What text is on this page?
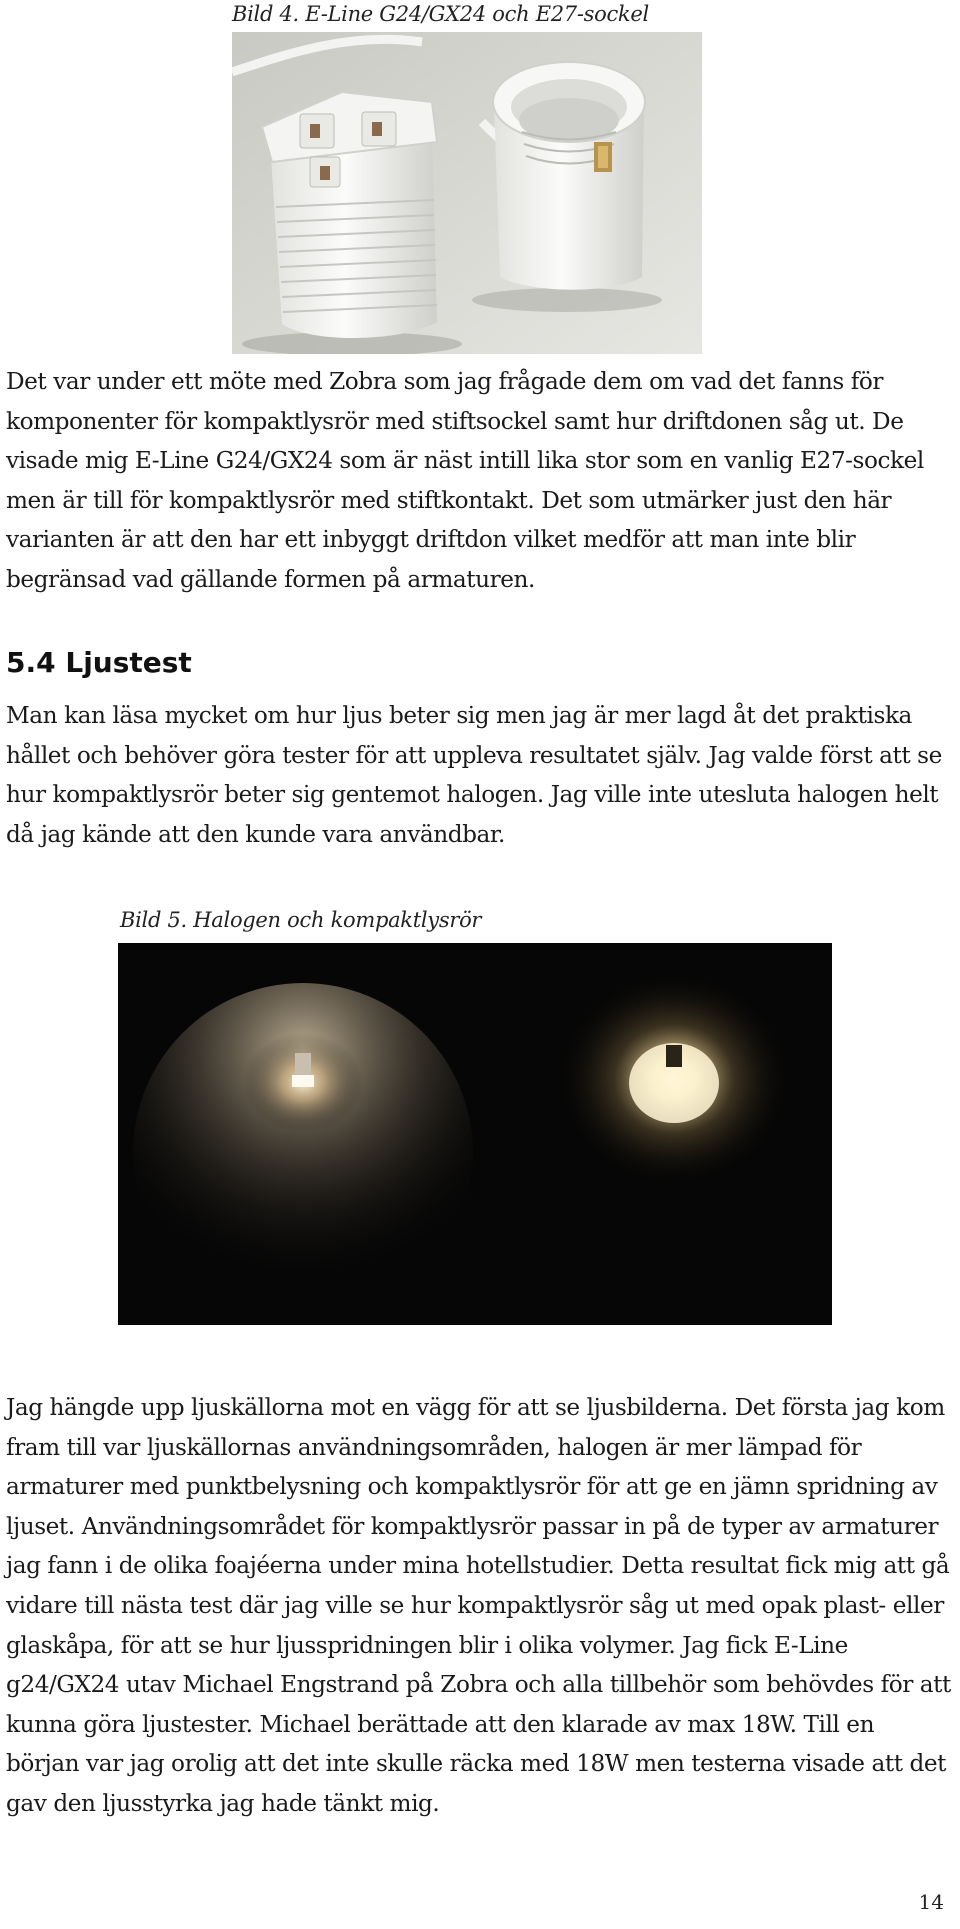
Bild 4. E-Line G24/GX24 och E27-sockel

Det var under ett möte med Zobra som jag frågade dem om vad det fanns för komponenter för kompaktlysrör med stiftsockel samt hur driftdonen såg ut. De visade mig E-Line G24/GX24 som är näst intill lika stor som en vanlig E27-sockel men är till för kompaktlysrör med stiftkontakt. Det som utmärker just den här varianten är att den har ett inbyggt driftdon vilket medför att man inte blir begränsad vad gällande formen på armaturen.

5.4 Ljustest

Man kan läsa mycket om hur ljus beter sig men jag är mer lagd åt det praktiska hållet och behöver göra tester för att uppleva resultatet själv. Jag valde först att se hur kompaktlysrör beter sig gentemot halogen. Jag ville inte utesluta halogen helt då jag kände att den kunde vara användbar.

Bild 5. Halogen och kompaktlysrör

Jag hängde upp ljuskällorna mot en vägg för att se ljusbilderna. Det första jag kom fram till var ljuskällornas användningsområden, halogen är mer lämpad för armaturer med punktbelysning och kompaktlysrör för att ge en jämn spridning av ljuset. Användningsområdet för kompaktlysrör passar in på de typer av armaturer jag fann i de olika foajéerna under mina hotellstudier. Detta resultat fick mig att gå vidare till nästa test där jag ville se hur kompaktlysrör såg ut med opak plast- eller glaskåpa, för att se hur ljusspridningen blir i olika volymer. Jag fick E-Line g24/GX24 utav Michael Engstrand på Zobra och alla tillbehör som behövdes för att kunna göra ljustester. Michael berättade att den klarade av max 18W. Till en början var jag orolig att det inte skulle räcka med 18W men testerna visade att det gav den ljusstyrka jag hade tänkt mig.

14
